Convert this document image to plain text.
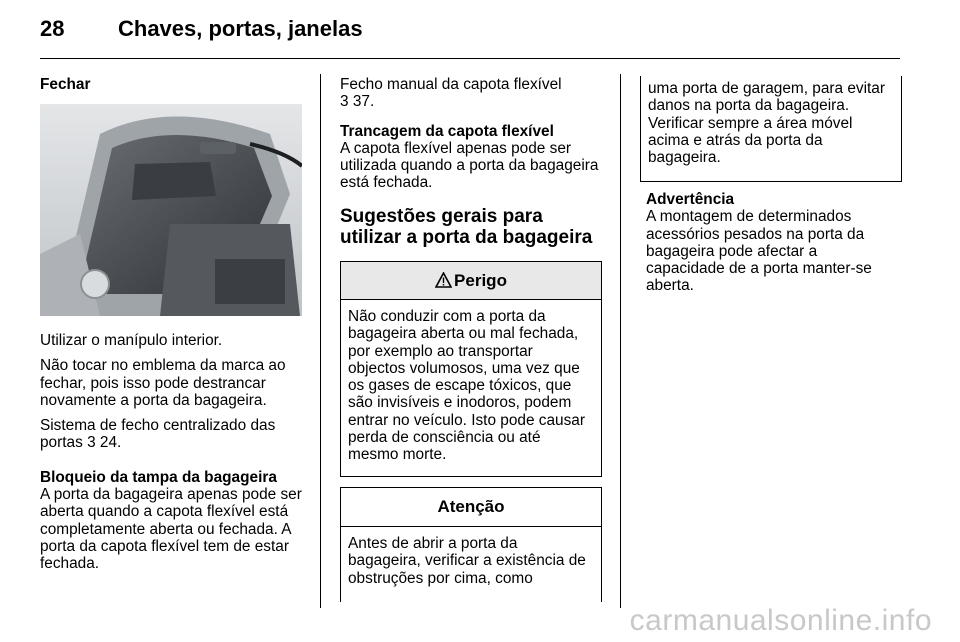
28 Chaves, portas, janelas

Fechar

Utilizar o manípulo interior.

Não tocar no emblema da marca ao fechar, pois isso pode destrancar novamente a porta da bagageira.

Sistema de fecho centralizado das portas 3 24.

Bloqueio da tampa da bagageira

A porta da bagageira apenas pode ser aberta quando a capota flexível está completamente aberta ou fechada. A porta da capota flexível tem de estar fechada.

Fecho manual da capota flexível
3 37.

Trancagem da capota flexível

A capota flexível apenas pode ser utilizada quando a porta da bagageira está fechada.

Sugestões gerais para utilizar a porta da bagageira

Perigo
Não conduzir com a porta da bagageira aberta ou mal fechada, por exemplo ao transportar objectos volumosos, uma vez que os gases de escape tóxicos, que são invisíveis e inodoros, podem entrar no veículo. Isto pode causar perda de consciência ou até mesmo morte.
Atenção
Antes de abrir a porta da bagageira, verificar a existência de obstruções por cima, como
uma porta de garagem, para evitar danos na porta da bagageira. Verificar sempre a área móvel acima e atrás da porta da bagageira.

Advertência

A montagem de determinados acessórios pesados na porta da bagageira pode afectar a capacidade de a porta manter-se aberta.

carmanualsonline.info
